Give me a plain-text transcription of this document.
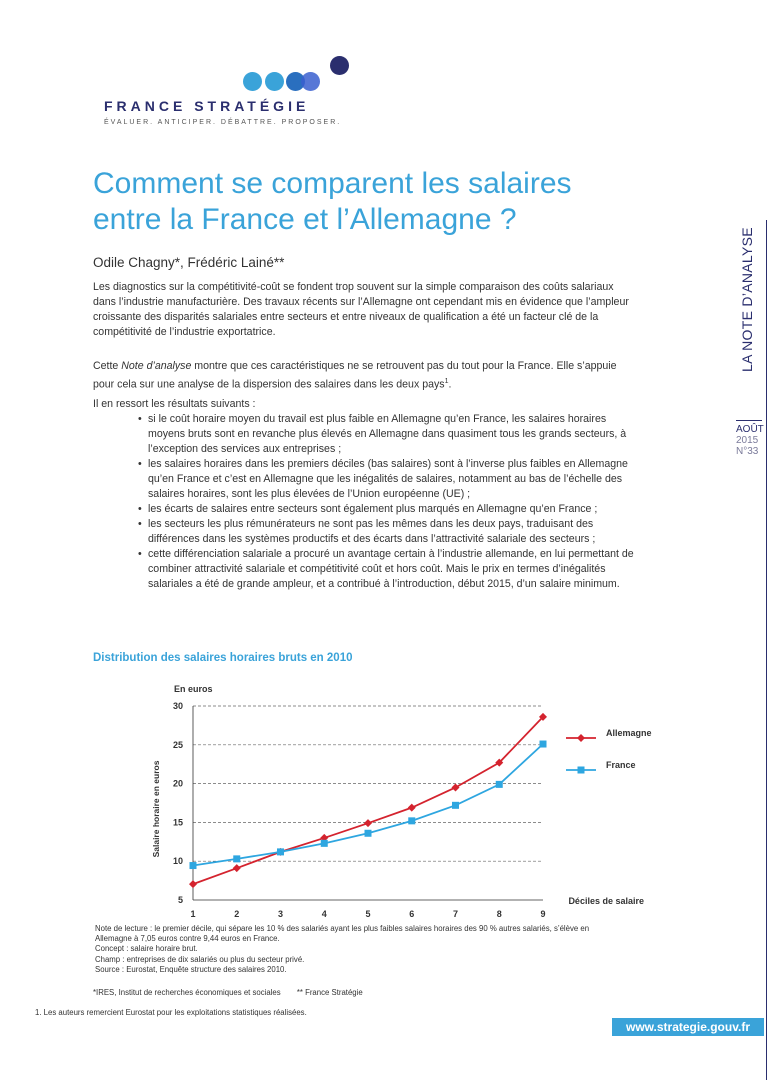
FRANCE STRATÉGIE
ÉVALUER. ANTICIPER. DÉBATTRE. PROPOSER.
LA NOTE D’ANALYSE
AOÛT
2015
N°33
Comment se comparent les salaires
entre la France et l’Allemagne ?
Odile Chagny*, Frédéric Lainé**

Les diagnostics sur la compétitivité-coût se fondent trop souvent sur la simple comparaison des coûts salariaux dans l’industrie manufacturière. Des travaux récents sur l’Allemagne ont cependant mis en évidence que l’ampleur croissante des disparités salariales entre secteurs et entre niveaux de qualification a été un facteur clé de la compétitivité de l’industrie exportatrice.

Cette Note d’analyse montre que ces caractéristiques ne se retrouvent pas du tout pour la France. Elle s’appuie pour cela sur une analyse de la dispersion des salaires dans les deux pays$^1$.

Il en ressort les résultats suivants :

• si le coût horaire moyen du travail est plus faible en Allemagne qu’en France, les salaires horaires moyens bruts sont en revanche plus élevés en Allemagne dans quasiment tous les grands secteurs, à l’exception des services aux entreprises ;
• les salaires horaires dans les premiers déciles (bas salaires) sont à l’inverse plus faibles en Allemagne qu’en France et c’est en Allemagne que les inégalités de salaires, notamment au bas de l’échelle des salaires horaires, sont les plus élevées de l’Union européenne (UE) ;
• les écarts de salaires entre secteurs sont également plus marqués en Allemagne qu’en France ;
• les secteurs les plus rémunérateurs ne sont pas les mêmes dans les deux pays, traduisant des différences dans les systèmes productifs et des écarts dans l’attractivité salariale des secteurs ;
• cette différenciation salariale a procuré un avantage certain à l’industrie allemande, en lui permettant de combiner attractivité salariale et compétitivité coût et hors coût. Mais le prix en termes d’inégalités salariales a été de grande ampleur, et a contribué à l’introduction, début 2015, d’un salaire minimum.
Distribution des salaires horaires bruts en 2010
5
10
15
20
25
30
1	2	3	4	5	6	7	8	9
En euros
Salaire horaire en euros
Déciles de salaire
Allemagne
France
Note de lecture : le premier décile, qui sépare les 10 % des salariés ayant les plus faibles salaires horaires des 90 % autres salariés, s’élève en Allemagne à 7,05 euros contre 9,44 euros en France.
Concept : salaire horaire brut.
Champ : entreprises de dix salariés ou plus du secteur privé.
Source : Eurostat, Enquête structure des salaires 2010.
*IRES, Institut de recherches économiques et sociales ** France Stratégie
1. Les auteurs remercient Eurostat pour les exploitations statistiques réalisées.
www.strategie.gouv.fr
